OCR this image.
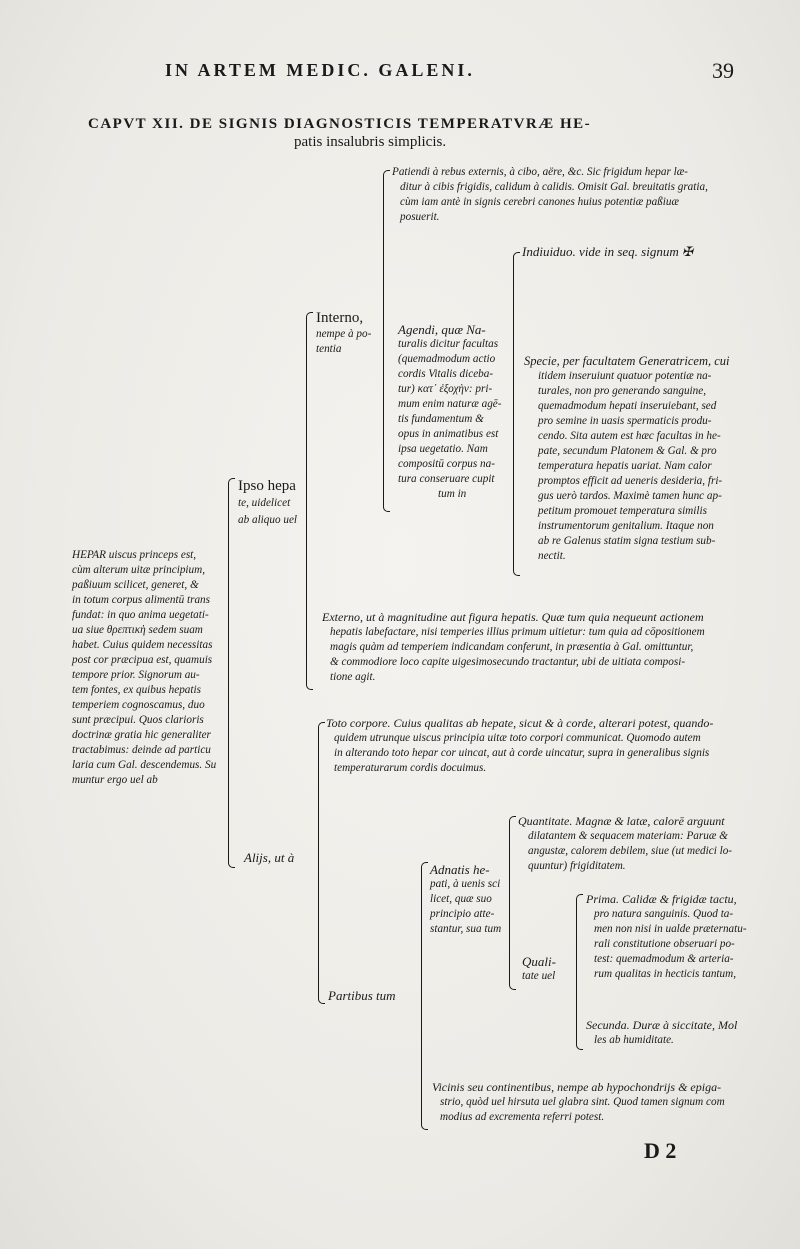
IN ARTEM MEDIC. GALENI.	39
CAPVT XII. DE SIGNIS DIAGNOSTICIS TEMPERATVRÆ HE-
patis insalubris simplicis.
HEPAR uiscus princeps est,
cùm alterum uitæ principium,
paßiuum scilicet, generet, &
in totum corpus alimentū trans
fundat: in quo anima uegetati-
ua siue θρεπτικὴ sedem suam
habet. Cuius quidem necessitas
post cor præcipua est, quamuis
tempore prior. Signorum au-
tem fontes, ex quibus hepatis
temperiem cognoscamus, duo
sunt præcipui. Quos clarioris
doctrinæ gratia hic generaliter
tractabimus: deinde ad particu
laria cum Gal. descendemus. Su
muntur ergo uel ab
Ipso hepa
te, uidelicet
ab aliquo uel
Interno,
nempe à po-
tentia
Patiendi à rebus externis, à cibo, aëre, &c. Sic frigidum hepar læ-
ditur à cibis frigidis, calidum à calidis. Omisit Gal. breuitatis gratia,
cùm iam antè in signis cerebri canones huius potentiæ paßiuæ
posuerit.
Agendi, quæ Na-
turalis dicitur facultas
(quemadmodum actio
cordis Vitalis diceba-
tur) κατ᾽ ἐξοχὴν: pri-
mum enim naturæ agē-
tis fundamentum &
opus in animatibus est
ipsa uegetatio. Nam
compositū corpus na-
tura conseruare cupit
tum in
Indiuiduo. vide in seq. signum ✠
Specie, per facultatem Generatricem, cui
itidem inseruiunt quatuor potentiæ na-
turales, non pro generando sanguine,
quemadmodum hepati inseruiebant, sed
pro semine in uasis spermaticis produ-
cendo. Sita autem est hæc facultas in he-
pate, secundum Platonem & Gal. & pro
temperatura hepatis uariat. Nam calor
promptos efficit ad ueneris desideria, fri-
gus uerò tardos. Maximè tamen hunc ap-
petitum promouet temperatura similis
instrumentorum genitalium. Itaque non
ab re Galenus statim signa testium sub-
nectit.
Externo, ut à magnitudine aut figura hepatis. Quæ tum quia nequeunt actionem
hepatis labefactare, nisi temperies illius primum uitietur: tum quia ad cōpositionem
magis quàm ad temperiem indicandam conferunt, in præsentia à Gal. omittuntur,
& commodiore loco capite uigesimosecundo tractantur, ubi de uitiata composi-
tione agit.
Alijs, ut à
Toto corpore. Cuius qualitas ab hepate, sicut & à corde, alterari potest, quando-
quidem utrunque uiscus principia uitæ toto corpori communicat. Quomodo autem
in alterando toto hepar cor uincat, aut à corde uincatur, supra in generalibus signis
temperaturarum cordis docuimus.
Partibus tum
Adnatis he-
pati, à uenis sci
licet, quæ suo
principio atte-
stantur, sua tum
Quantitate. Magnæ & latæ, calorē arguunt
dilatantem & sequacem materiam: Paruæ &
angustæ, calorem debilem, siue (ut medici lo-
quuntur) frigiditatem.
Quali-
tate uel
Prima. Calidæ & frigidæ tactu,
pro natura sanguinis. Quod ta-
men non nisi in ualde præternatu-
rali constitutione obseruari po-
test: quemadmodum & arteria-
rum qualitas in hecticis tantum,
Secunda. Duræ à siccitate, Mol
les ab humiditate.
Vicinis seu continentibus, nempe ab hypochondrijs & epiga-
strio, quòd uel hirsuta uel glabra sint. Quod tamen signum com
modius ad excrementa referri potest.
D 2
